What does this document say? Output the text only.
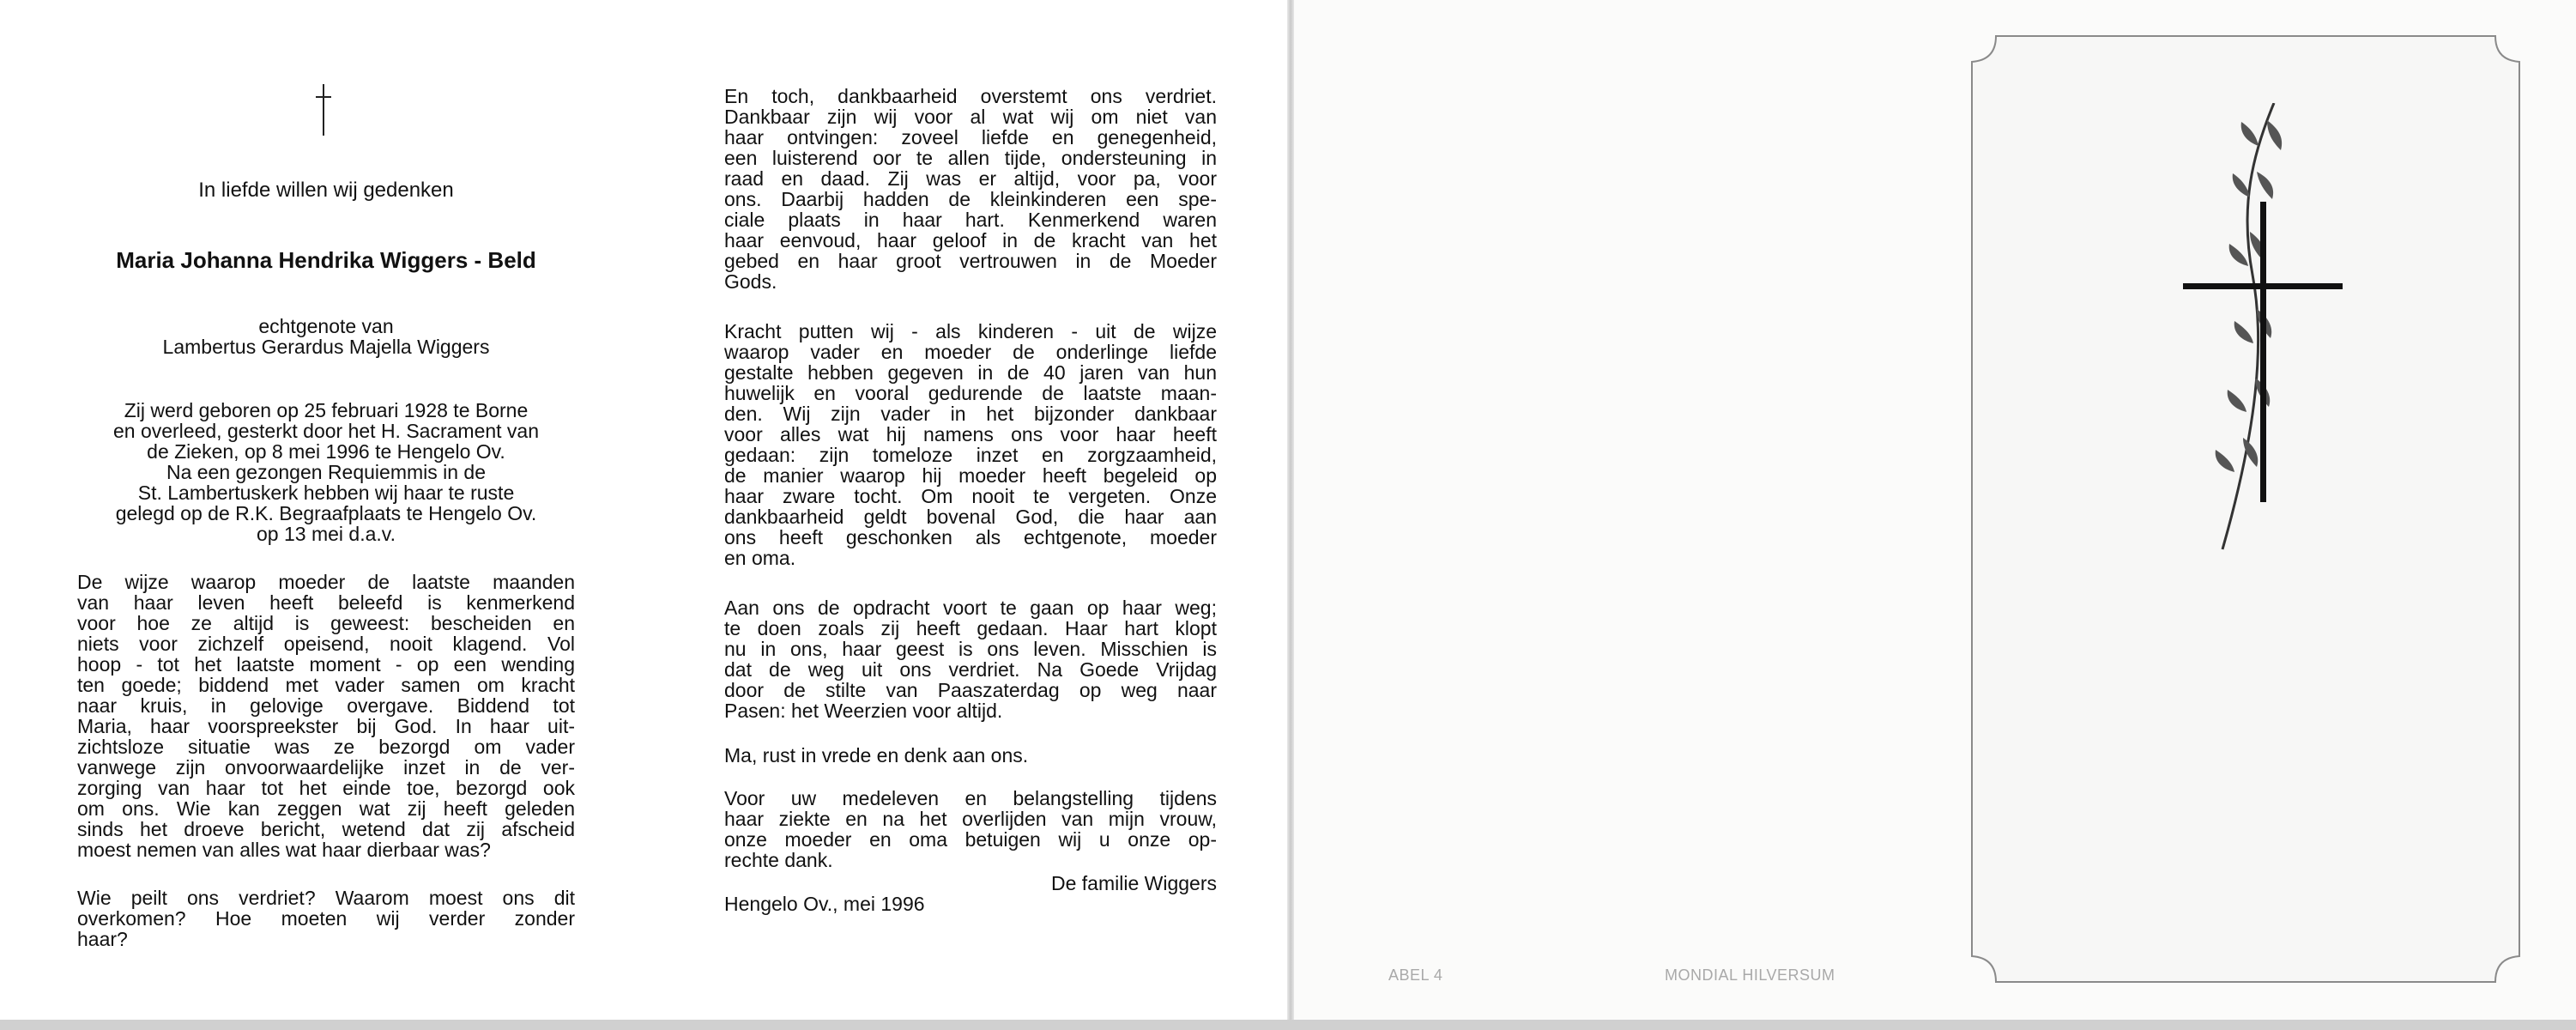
In liefde willen wij gedenken
Maria Johanna Hendrika Wiggers - Beld
echtgenote van
Lambertus Gerardus Majella Wiggers
Zij werd geboren op 25 februari 1928 te Borne
en overleed, gesterkt door het H. Sacrament van
de Zieken, op 8 mei 1996 te Hengelo Ov.
Na een gezongen Requiemmis in de
St. Lambertuskerk hebben wij haar te ruste
gelegd op de R.K. Begraafplaats te Hengelo Ov.
op 13 mei d.a.v.
De wijze waarop moeder de laatste maanden
van haar leven heeft beleefd is kenmerkend
voor hoe ze altijd is geweest: bescheiden en
niets voor zichzelf opeisend, nooit klagend. Vol
hoop - tot het laatste moment - op een wending
ten goede; biddend met vader samen om kracht
naar kruis, in gelovige overgave. Biddend tot
Maria, haar voorspreekster bij God. In haar uit-
zichtsloze situatie was ze bezorgd om vader
vanwege zijn onvoorwaardelijke inzet in de ver-
zorging van haar tot het einde toe, bezorgd ook
om ons. Wie kan zeggen wat zij heeft geleden
sinds het droeve bericht, wetend dat zij afscheid
moest nemen van alles wat haar dierbaar was?
Wie peilt ons verdriet? Waarom moest ons dit
overkomen? Hoe moeten wij verder zonder
haar?
En toch, dankbaarheid overstemt ons verdriet.
Dankbaar zijn wij voor al wat wij om niet van
haar ontvingen: zoveel liefde en genegenheid,
een luisterend oor te allen tijde, ondersteuning in
raad en daad. Zij was er altijd, voor pa, voor
ons. Daarbij hadden de kleinkinderen een spe-
ciale plaats in haar hart. Kenmerkend waren
haar eenvoud, haar geloof in de kracht van het
gebed en haar groot vertrouwen in de Moeder
Gods.
Kracht putten wij - als kinderen - uit de wijze
waarop vader en moeder de onderlinge liefde
gestalte hebben gegeven in de 40 jaren van hun
huwelijk en vooral gedurende de laatste maan-
den. Wij zijn vader in het bijzonder dankbaar
voor alles wat hij namens ons voor haar heeft
gedaan: zijn tomeloze inzet en zorgzaamheid,
de manier waarop hij moeder heeft begeleid op
haar zware tocht. Om nooit te vergeten. Onze
dankbaarheid geldt bovenal God, die haar aan
ons heeft geschonken als echtgenote, moeder
en oma.
Aan ons de opdracht voort te gaan op haar weg;
te doen zoals zij heeft gedaan. Haar hart klopt
nu in ons, haar geest is ons leven. Misschien is
dat de weg uit ons verdriet. Na Goede Vrijdag
door de stilte van Paaszaterdag op weg naar
Pasen: het Weerzien voor altijd.
Ma, rust in vrede en denk aan ons.
Voor uw medeleven en belangstelling tijdens
haar ziekte en na het overlijden van mijn vrouw,
onze moeder en oma betuigen wij u onze op-
rechte dank.
De familie Wiggers
Hengelo Ov., mei 1996
ABEL 4	MONDIAL HILVERSUM
